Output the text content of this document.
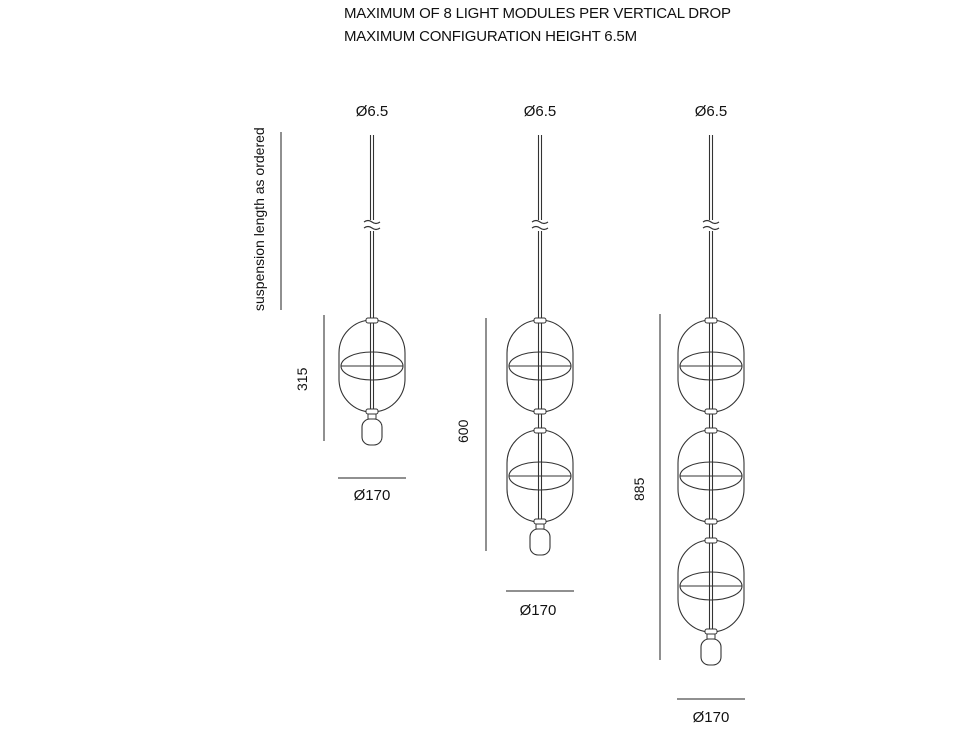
MAXIMUM OF 8 LIGHT MODULES PER VERTICAL DROP
MAXIMUM CONFIGURATION HEIGHT 6.5M
suspension length as ordered
Ø6.5
315
Ø170
Ø6.5
600
Ø170
Ø6.5
885
Ø170
